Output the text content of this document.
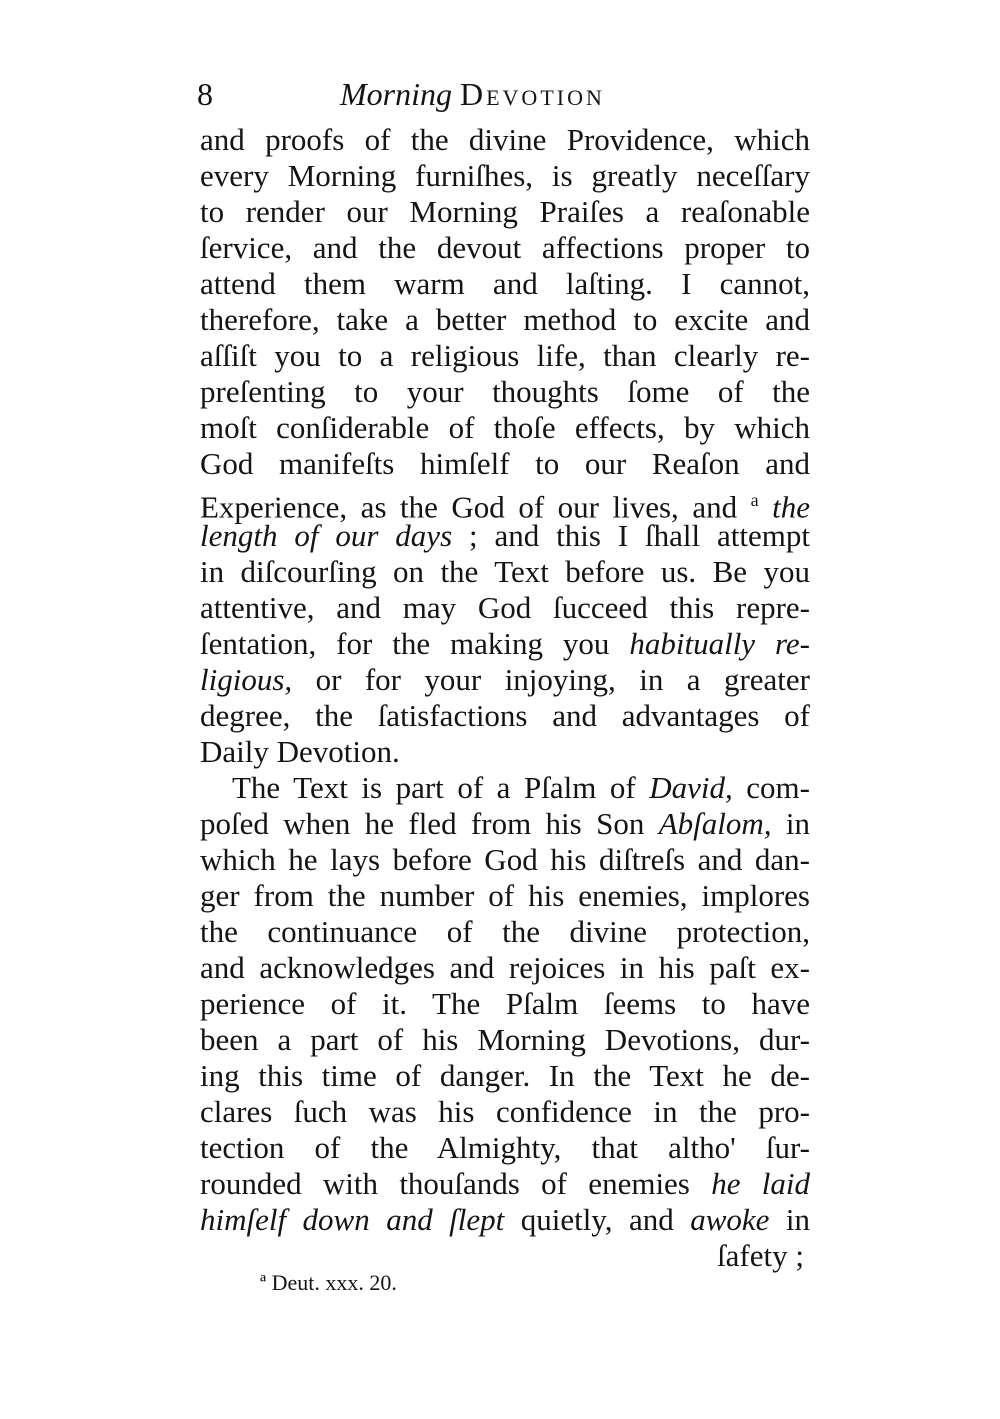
8	Morning Devotion
and proofs of the divine Providence, which
every Morning furniſhes, is greatly neceſſary
to render our Morning Praiſes a reaſonable
ſervice, and the devout affections proper to
attend them warm and laſting. I cannot,
therefore, take a better method to excite and
aſſiſt you to a religious life, than clearly re-
preſenting to your thoughts ſome of the
moſt conſiderable of thoſe effects, by which
God manifeſts himſelf to our Reaſon and
Experience, as the God of our lives, and $^a$ the
length of our days ; and this I ſhall attempt
in diſcourſing on the Text before us. Be you
attentive, and may God ſucceed this repre-
ſentation, for the making you habitually re-
ligious, or for your injoying, in a greater
degree, the ſatisfactions and advantages of
Daily Devotion.
The Text is part of a Pſalm of David, com-
poſed when he fled from his Son Abſalom, in
which he lays before God his diſtreſs and dan-
ger from the number of his enemies, implores
the continuance of the divine protection,
and acknowledges and rejoices in his paſt ex-
perience of it. The Pſalm ſeems to have
been a part of his Morning Devotions, dur-
ing this time of danger. In the Text he de-
clares ſuch was his confidence in the pro-
tection of the Almighty, that altho' ſur-
rounded with thouſands of enemies he laid
himſelf down and ſlept quietly, and awoke in
ſafety ;
ª Deut. xxx. 20.
